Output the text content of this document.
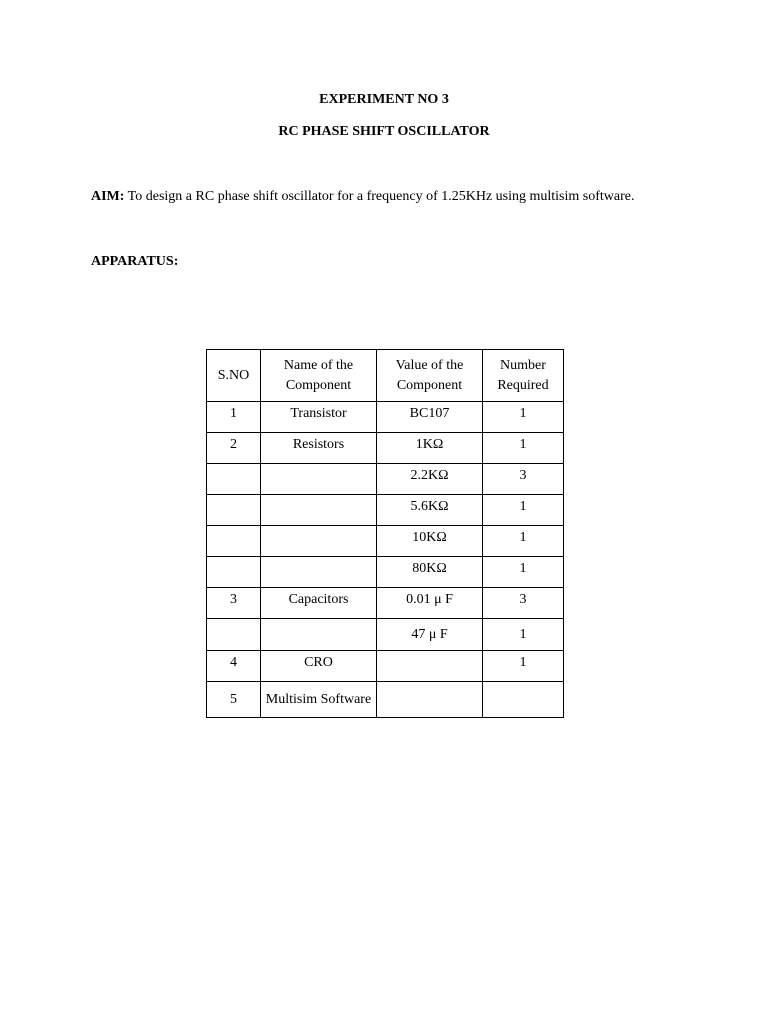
EXPERIMENT NO 3
RC PHASE SHIFT OSCILLATOR
AIM: To design a RC phase shift oscillator for a frequency of 1.25KHz using multisim software.
APPARATUS:
S.NO	Name of the Component	Value of the Component	Number Required
1	Transistor	BC107	1
2	Resistors	1KΩ	1
		2.2KΩ	3
		5.6KΩ	1
		10KΩ	1
		80KΩ	1
3	Capacitors	0.01 μ F	3
		47 μ F	1
4	CRO		1
5	Multisim Software		
